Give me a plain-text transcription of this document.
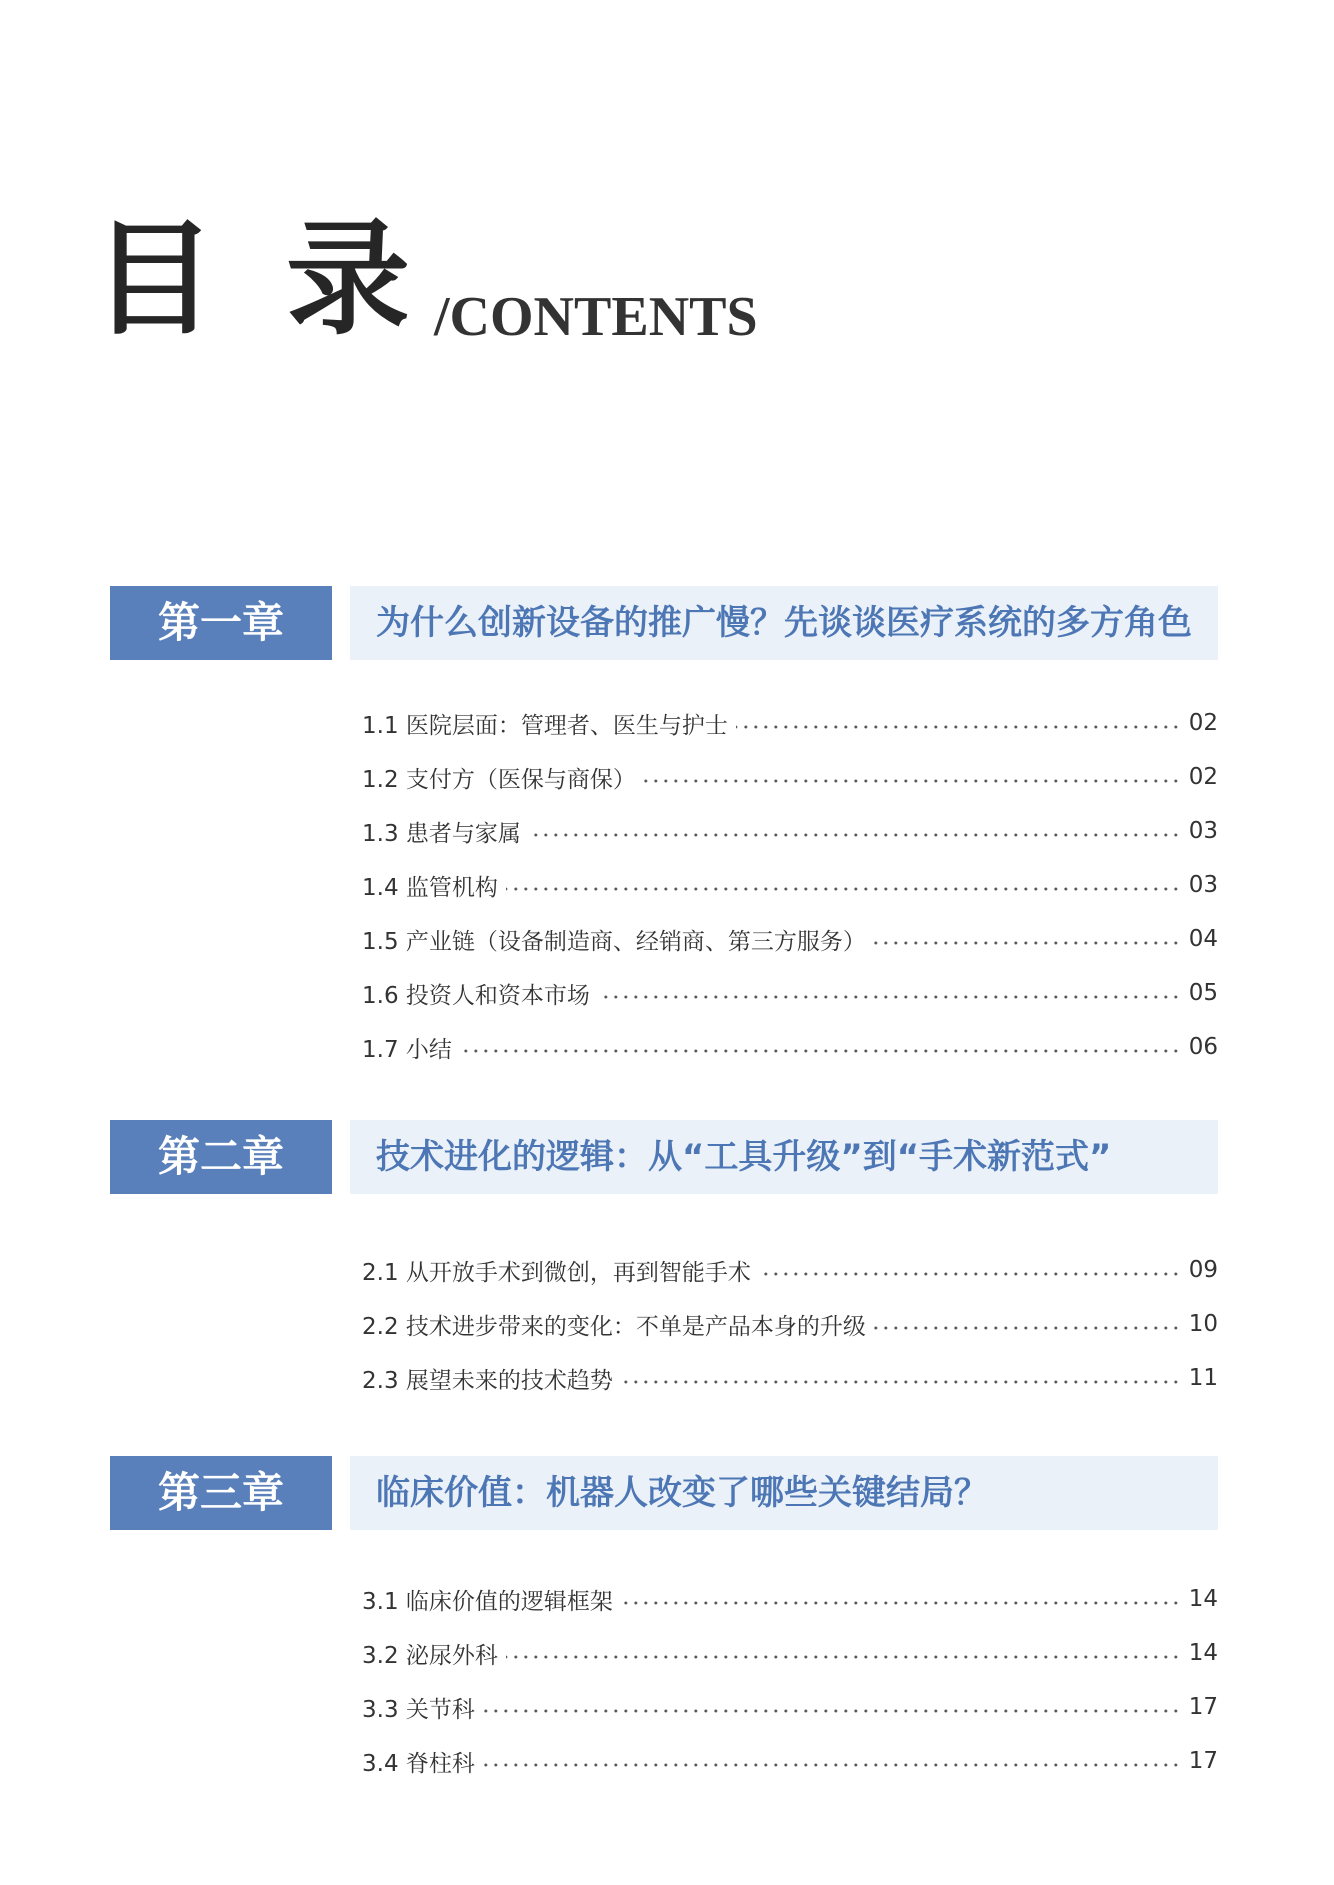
目录
/CONTENTS
第一章	为什么创新设备的推广慢？先谈谈医疗系统的多方角色
1.1 医院层面：管理者、医生与护士	02
1.2 支付方（医保与商保）	02
1.3 患者与家属	03
1.4 监管机构	03
1.5 产业链（设备制造商、经销商、第三方服务）	04
1.6 投资人和资本市场	05
1.7 小结	06
第二章	技术进化的逻辑：从“工具升级”到“手术新范式”
2.1 从开放手术到微创，再到智能手术	09
2.2 技术进步带来的变化：不单是产品本身的升级	10
2.3 展望未来的技术趋势	11
第三章	临床价值：机器人改变了哪些关键结局？
3.1 临床价值的逻辑框架	14
3.2 泌尿外科	14
3.3 关节科	17
3.4 脊柱科	17
